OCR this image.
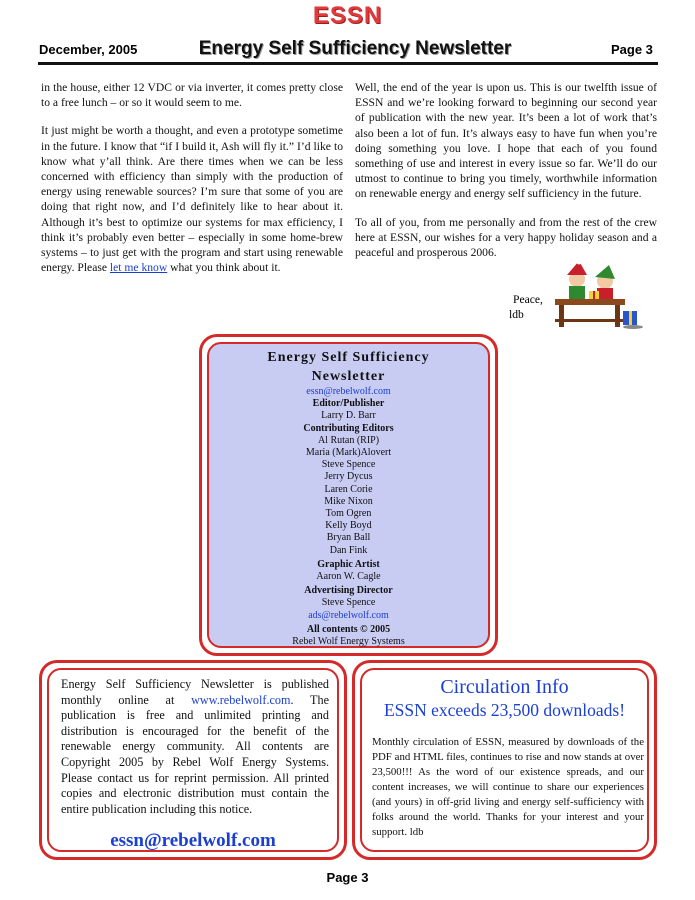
ESSN
December, 2005	Energy Self Sufficiency Newsletter	Page 3

in the house, either 12 VDC or via inverter, it comes pretty close to a free lunch – or so it would seem to me.

It just might be worth a thought, and even a prototype sometime in the future. I know that “if I build it, Ash will fly it.” I’d like to know what y’all think. Are there times when we can be less concerned with efficiency than simply with the production of energy using renewable sources? I’m sure that some of you are doing that right now, and I’d definitely like to hear about it. Although it’s best to optimize our systems for max efficiency, I think it’s probably even better – especially in some home-brew systems – to just get with the program and start using renewable energy. Please let me know what you think about it.

Well, the end of the year is upon us. This is our twelfth issue of ESSN and we’re looking forward to beginning our second year of publication with the new year. It’s been a lot of work that’s also been a lot of fun. It’s always easy to have fun when you’re doing something you love. I hope that each of you found something of use and interest in every issue so far. We’ll do our utmost to continue to bring you timely, worthwhile information on renewable energy and energy self sufficiency in the future.

To all of you, from me personally and from the rest of the crew here at ESSN, our wishes for a very happy holiday season and a peaceful and prosperous 2006.

Peace,
ldb
Energy Self Sufficiency
Newsletter
essn@rebelwolf.com
Editor/Publisher
Larry D. Barr
Contributing Editors
Al Rutan (RIP)
Maria (Mark)Alovert
Steve Spence
Jerry Dycus
Laren Corie
Mike Nixon
Tom Ogren
Kelly Boyd
Bryan Ball
Dan Fink
Graphic Artist
Aaron W. Cagle
Advertising Director
Steve Spence
ads@rebelwolf.com
All contents © 2005
Rebel Wolf Energy Systems
Energy Self Sufficiency Newsletter is published monthly online at www.rebelwolf.com. The publication is free and unlimited printing and distribution is encouraged for the benefit of the renewable energy community. All contents are Copyright 2005 by Rebel Wolf Energy Systems. Please contact us for reprint permission. All printed copies and electronic distribution must contain the entire publication including this notice.
essn@rebelwolf.com
Circulation Info
ESSN exceeds 23,500 downloads!
Monthly circulation of ESSN, measured by downloads of the PDF and HTML files, continues to rise and now stands at over 23,500!!! As the word of our existence spreads, and our content increases, we will continue to share our experiences (and yours) in off-grid living and energy self-sufficiency with folks around the world. Thanks for your interest and your support. ldb
Page 3
